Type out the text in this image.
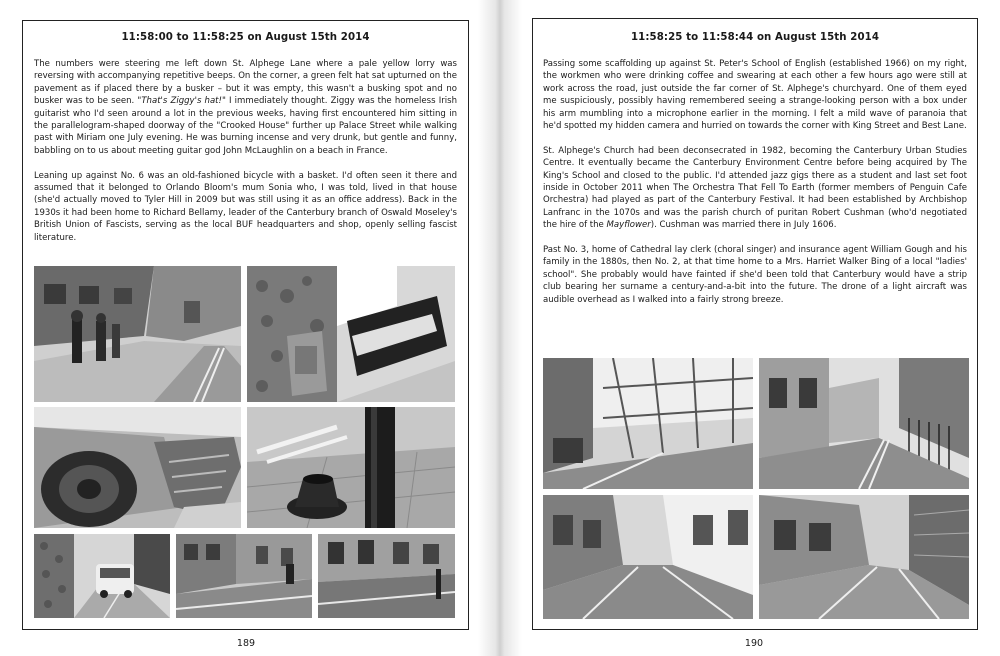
11:58:00 to 11:58:25 on August 15th 2014

The numbers were steering me left down St. Alphege Lane where a pale yellow lorry was reversing with accompanying repetitive beeps. On the corner, a green felt hat sat upturned on the pavement as if placed there by a busker – but it was empty, this wasn't a busking spot and no busker was to be seen. "That's Ziggy's hat!" I immediately thought. Ziggy was the homeless Irish guitarist who I'd seen around a lot in the previous weeks, having first encountered him sitting in the parallelogram-shaped doorway of the "Crooked House" further up Palace Street while walking past with Miriam one July evening. He was burning incense and very drunk, but gentle and funny, babbling on to us about meeting guitar god John McLaughlin on a beach in France.

Leaning up against No. 6 was an old-fashioned bicycle with a basket. I'd often seen it there and assumed that it belonged to Orlando Bloom's mum Sonia who, I was told, lived in that house (she'd actually moved to Tyler Hill in 2009 but was still using it as an office address). Back in the 1930s it had been home to Richard Bellamy, leader of the Canterbury branch of Oswald Moseley's British Union of Fascists, serving as the local BUF headquarters and shop, openly selling fascist literature.

11:58:25 to 11:58:44 on August 15th 2014

Passing some scaffolding up against St. Peter's School of English (established 1966) on my right, the workmen who were drinking coffee and swearing at each other a few hours ago were still at work across the road, just outside the far corner of St. Alphege's churchyard. One of them eyed me suspiciously, possibly having remembered seeing a strange-looking person with a box under his arm mumbling into a microphone earlier in the morning. I felt a mild wave of paranoia that he'd spotted my hidden camera and hurried on towards the corner with King Street and Best Lane.

St. Alphege's Church had been deconsecrated in 1982, becoming the Canterbury Urban Studies Centre. It eventually became the Canterbury Environment Centre before being acquired by The King's School and closed to the public. I'd attended jazz gigs there as a student and last set foot inside in October 2011 when The Orchestra That Fell To Earth (former members of Penguin Cafe Orchestra) had played as part of the Canterbury Festival. It had been established by Archbishop Lanfranc in the 1070s and was the parish church of puritan Robert Cushman (who'd negotiated the hire of the Mayflower). Cushman was married there in July 1606.

Past No. 3, home of Cathedral lay clerk (choral singer) and insurance agent William Gough and his family in the 1880s, then No. 2, at that time home to a Mrs. Harriet Walker Bing of a local "ladies' school". She probably would have fainted if she'd been told that Canterbury would have a strip club bearing her surname a century-and-a-bit into the future. The drone of a light aircraft was audible overhead as I walked into a fairly strong breeze.

189	190
